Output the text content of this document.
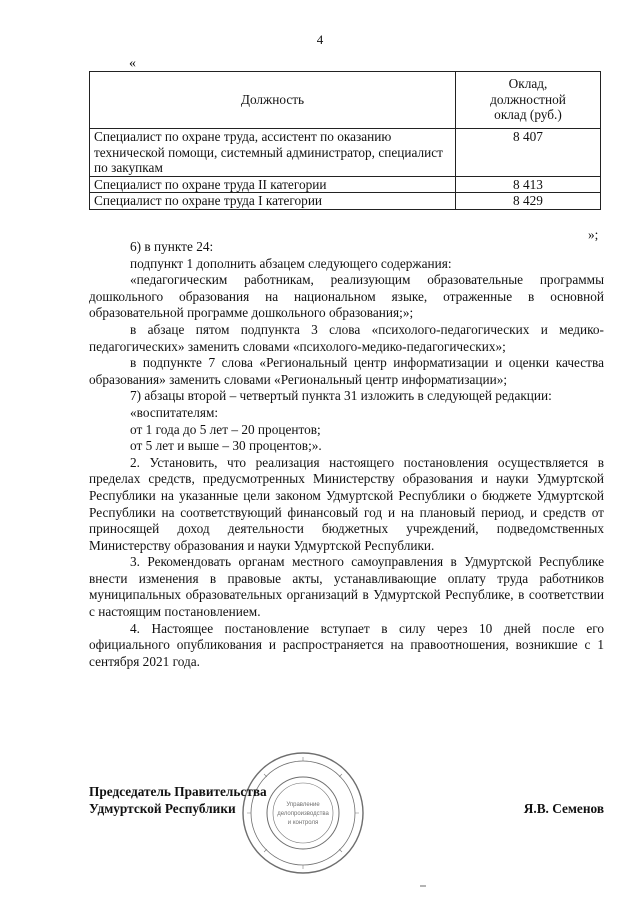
4
«
Должность	Оклад,
должностной
оклад (руб.)
Специалист по охране труда, ассистент по оказанию технической помощи, системный администратор, специалист по закупкам	8 407
Специалист по охране труда II категории	8 413
Специалист по охране труда I категории	8 429
»;

6) в пункте 24:

подпункт 1 дополнить абзацем следующего содержания:

«педагогическим работникам, реализующим образовательные программы дошкольного образования на национальном языке, отраженные в основной образовательной программе дошкольного образования;»;

в абзаце пятом подпункта 3 слова «психолого-педагогических и медико-педагогических» заменить словами «психолого-медико-педагогических»;

в подпункте 7 слова «Региональный центр информатизации и оценки качества образования» заменить словами «Региональный центр информатизации»;

7) абзацы второй – четвертый пункта 31 изложить в следующей редакции:

«воспитателям:

от 1 года до 5 лет – 20 процентов;

от 5 лет и выше – 30 процентов;».

2. Установить, что реализация настоящего постановления осуществляется в пределах средств, предусмотренных Министерству образования и науки Удмуртской Республики на указанные цели законом Удмуртской Республики о бюджете Удмуртской Республики на соответствующий финансовый год и на плановый период, и средств от приносящей доход деятельности бюджетных учреждений, подведомственных Министерству образования и науки Удмуртской Республики.

3. Рекомендовать органам местного самоуправления в Удмуртской Республике внести изменения в правовые акты, устанавливающие оплату труда работников муниципальных образовательных организаций в Удмуртской Республике, в соответствии с настоящим постановлением.

4. Настоящее постановление вступает в силу через 10 дней после его официального опубликования и распространяется на правоотношения, возникшие с 1 сентября 2021 года.

Управление
делопроизводства
и контроля
Председатель Правительства
Удмуртской Республики	Я.В. Семенов
